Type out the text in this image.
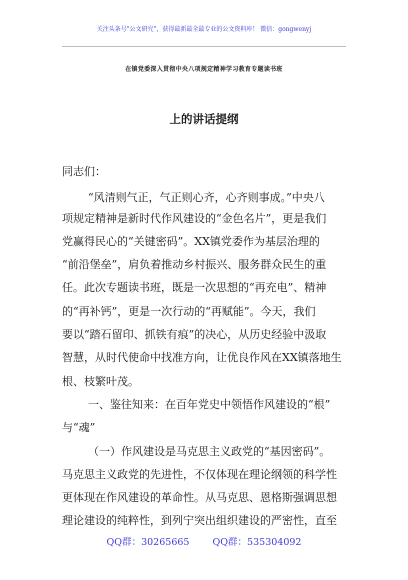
关注头条号"公文研究"，获得最新最全最专业的公文资料库！ 微信：gongwenyj
在镇党委深入贯彻中央八项规定精神学习教育专题读书班
上的讲话提纲
同志们：
“风清则气正，气正则心齐，心齐则事成。”中央八
项规定精神是新时代作风建设的“金色名片”，更是我们
党赢得民心的“关键密码”。XX镇党委作为基层治理的
“前沿堡垒”，肩负着推动乡村振兴、服务群众民生的重
任。此次专题读书班，既是一次思想的“再充电”、精神
的“再补钙”，更是一次行动的“再赋能”。今天，我们
要以“踏石留印、抓铁有痕”的决心，从历史经验中汲取
智慧，从时代使命中找准方向，让优良作风在XX镇落地生
根、枝繁叶茂。
一、鉴往知来：在百年党史中领悟作风建设的“根”
与“魂”
（一）作风建设是马克思主义政党的“基因密码”。
马克思主义政党的先进性，不仅体现在理论纲领的科学性
更体现在作风建设的革命性。从马克思、恩格斯强调思想
理论建设的纯粹性，到列宁突出组织建设的严密性，直至
QQ群：30265665 QQ群：535304092
